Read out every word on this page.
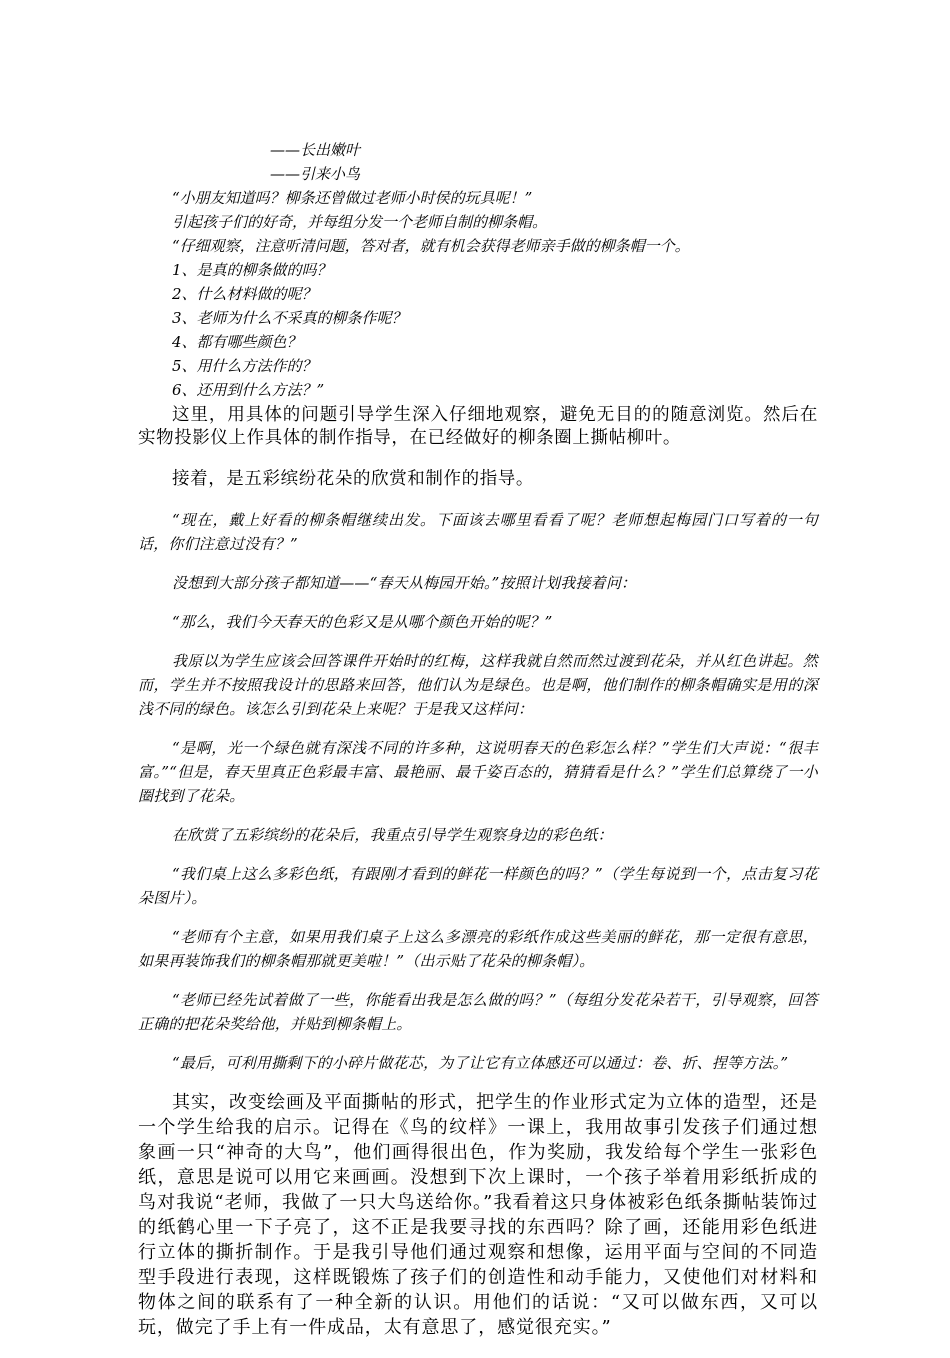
——长出嫩叶

——引来小鸟

“小朋友知道吗？柳条还曾做过老师小时侯的玩具呢！”

引起孩子们的好奇，并每组分发一个老师自制的柳条帽。

“仔细观察，注意听清问题，答对者，就有机会获得老师亲手做的柳条帽一个。

1、是真的柳条做的吗？

2、什么材料做的呢？

3、老师为什么不采真的柳条作呢？

4、都有哪些颜色？

5、用什么方法作的？

6、还用到什么方法？”

这里，用具体的问题引导学生深入仔细地观察，避免无目的的随意浏览。然后在实物投影仪上作具体的制作指导，在已经做好的柳条圈上撕帖柳叶。

接着，是五彩缤纷花朵的欣赏和制作的指导。

“现在，戴上好看的柳条帽继续出发。下面该去哪里看看了呢？老师想起梅园门口写着的一句话，你们注意过没有？”

没想到大部分孩子都知道——“春天从梅园开始。”按照计划我接着问：

“那么，我们今天春天的色彩又是从哪个颜色开始的呢？”

我原以为学生应该会回答课件开始时的红梅，这样我就自然而然过渡到花朵，并从红色讲起。然而，学生并不按照我设计的思路来回答，他们认为是绿色。也是啊，他们制作的柳条帽确实是用的深浅不同的绿色。该怎么引到花朵上来呢？于是我又这样问：

“是啊，光一个绿色就有深浅不同的许多种，这说明春天的色彩怎么样？”学生们大声说：“很丰富。”“但是，春天里真正色彩最丰富、最艳丽、最千姿百态的，猜猜看是什么？”学生们总算绕了一小圈找到了花朵。

在欣赏了五彩缤纷的花朵后，我重点引导学生观察身边的彩色纸：

“我们桌上这么多彩色纸，有跟刚才看到的鲜花一样颜色的吗？”（学生每说到一个，点击复习花朵图片）。

“老师有个主意，如果用我们桌子上这么多漂亮的彩纸作成这些美丽的鲜花，那一定很有意思，如果再装饰我们的柳条帽那就更美啦！”（出示贴了花朵的柳条帽）。

“老师已经先试着做了一些，你能看出我是怎么做的吗？”（每组分发花朵若干，引导观察，回答正确的把花朵奖给他，并贴到柳条帽上。

“最后，可利用撕剩下的小碎片做花芯，为了让它有立体感还可以通过：卷、折、捏等方法。”

其实，改变绘画及平面撕帖的形式，把学生的作业形式定为立体的造型，还是一个学生给我的启示。记得在《鸟的纹样》一课上，我用故事引发孩子们通过想象画一只“神奇的大鸟”，他们画得很出色，作为奖励，我发给每个学生一张彩色纸，意思是说可以用它来画画。没想到下次上课时，一个孩子举着用彩纸折成的鸟对我说“老师，我做了一只大鸟送给你。”我看着这只身体被彩色纸条撕帖装饰过的纸鹤心里一下子亮了，这不正是我要寻找的东西吗？除了画，还能用彩色纸进行立体的撕折制作。于是我引导他们通过观察和想像，运用平面与空间的不同造型手段进行表现，这样既锻炼了孩子们的创造性和动手能力，又使他们对材料和物体之间的联系有了一种全新的认识。用他们的话说：“又可以做东西，又可以玩，做完了手上有一件成品，太有意思了，感觉很充实。”
